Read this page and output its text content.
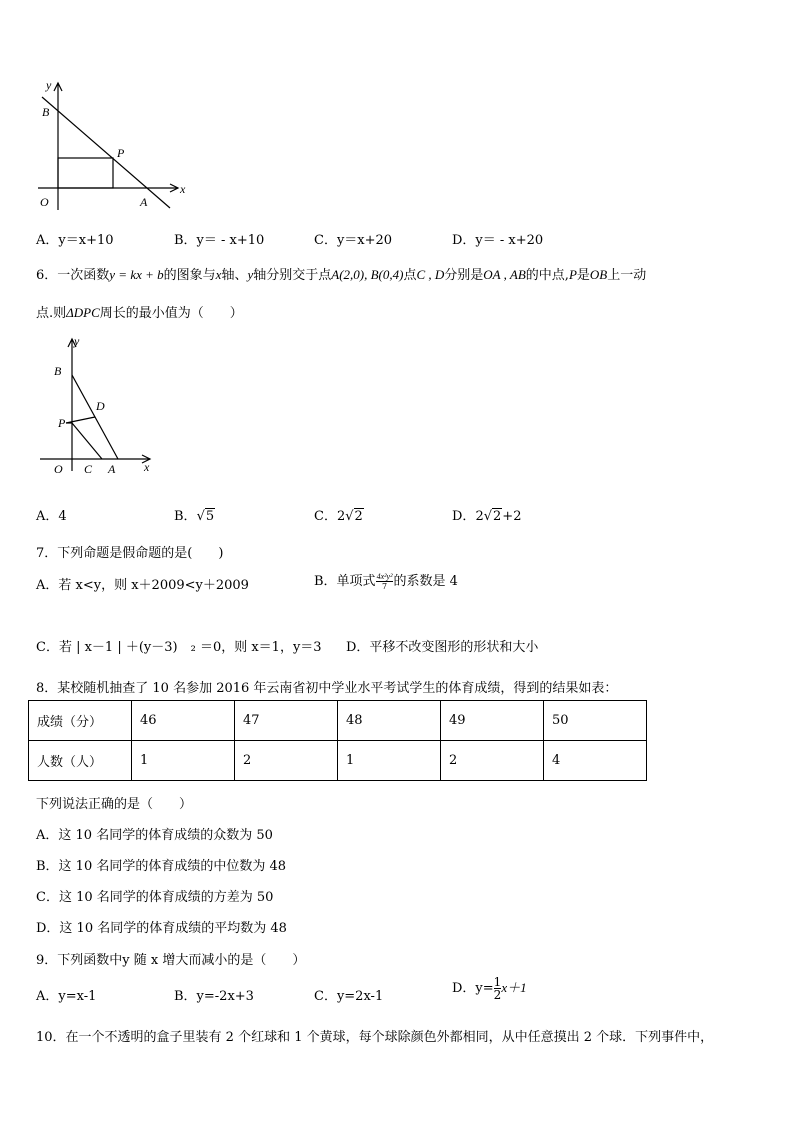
y
x
B
P
O	A
A．y＝x+10	B．y＝ - x+10	C．y＝x+20	D．y＝ - x+20
6．一次函数y = kx + b的图象与x轴、y轴分别交于点A(2,0), B(0,4)点C , D分别是OA , AB的中点,P是OB上一动
点.则ΔDPC周长的最小值为（　　）
y
x
B
D
P
O C A
A．4	B．√5	C．2√2	D．2√2+2
7．下列命题是假命题的是(　　)
A．若 x<y，则 x＋2009<y＋2009	B．单项式 $\frac{\text{4x²y²}}{7}$ 的系数是 4
C．若 | x－1 | ＋(y－3)　₂ ＝0，则 x＝1，y＝3 D．平移不改变图形的形状和大小
8．某校随机抽查了 10 名参加 2016 年云南省初中学业水平考试学生的体育成绩，得到的结果如表：
成绩（分）	46	47	48	49	50
人数（人）	1	2	1	2	4
下列说法正确的是（　　）
A．这 10 名同学的体育成绩的众数为 50
B．这 10 名同学的体育成绩的中位数为 48
C．这 10 名同学的体育成绩的方差为 50
D．这 10 名同学的体育成绩的平均数为 48
9．下列函数中y 随 x 增大而减小的是（　　）
A．y=x-1	B．y=-2x+3	C．y=2x-1
D．$y= \frac{1}{2} x+1$
10．在一个不透明的盒子里装有 2 个红球和 1 个黄球，每个球除颜色外都相同，从中任意摸出 2 个球．下列事件中，
